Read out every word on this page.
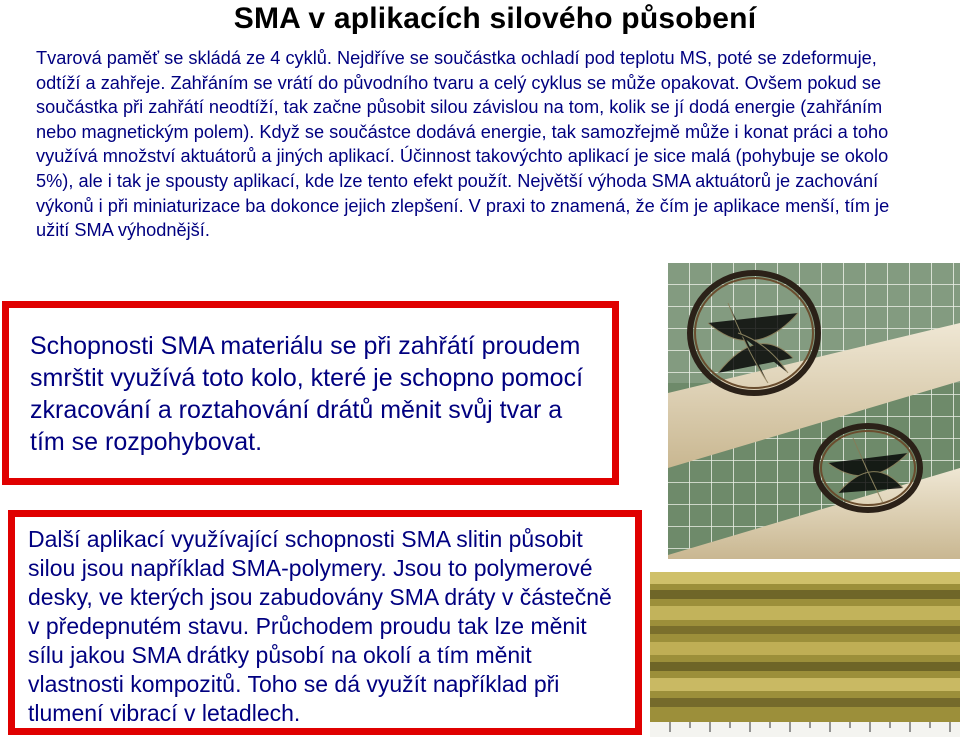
SMA v aplikacích silového působení
Tvarová paměť se skládá ze 4 cyklů. Nejdříve se součástka ochladí pod teplotu MS, poté se zdeformuje, odtíží a zahřeje. Zahřáním se vrátí do původního tvaru a celý cyklus se může opakovat. Ovšem pokud se součástka při zahřátí neodtíží, tak začne působit silou závislou na tom, kolik se jí dodá energie (zahřáním nebo magnetickým polem). Když se součástce dodává energie, tak samozřejmě může i konat práci a toho využívá množství aktuátorů a jiných aplikací. Účinnost takovýchto aplikací je sice malá (pohybuje se okolo 5%), ale i tak je spousty aplikací, kde lze tento efekt použít. Největší výhoda SMA aktuátorů je zachování výkonů i při miniaturizace ba dokonce jejich zlepšení. V praxi to znamená, že čím je aplikace menší, tím je užití SMA výhodnější.
Schopnosti SMA materiálu se při zahřátí proudem smrštit využívá toto kolo, které je schopno pomocí zkracování a roztahování drátů měnit svůj tvar a tím se rozpohybovat.
Další aplikací využívající schopnosti SMA slitin působit silou jsou například SMA-polymery. Jsou to polymerové desky, ve kterých jsou zabudovány SMA dráty v částečně v předepnutém stavu. Průchodem proudu tak lze měnit sílu jakou SMA drátky působí na okolí a tím měnit vlastnosti kompozitů. Toho se dá využít například při tlumení vibrací v letadlech.
